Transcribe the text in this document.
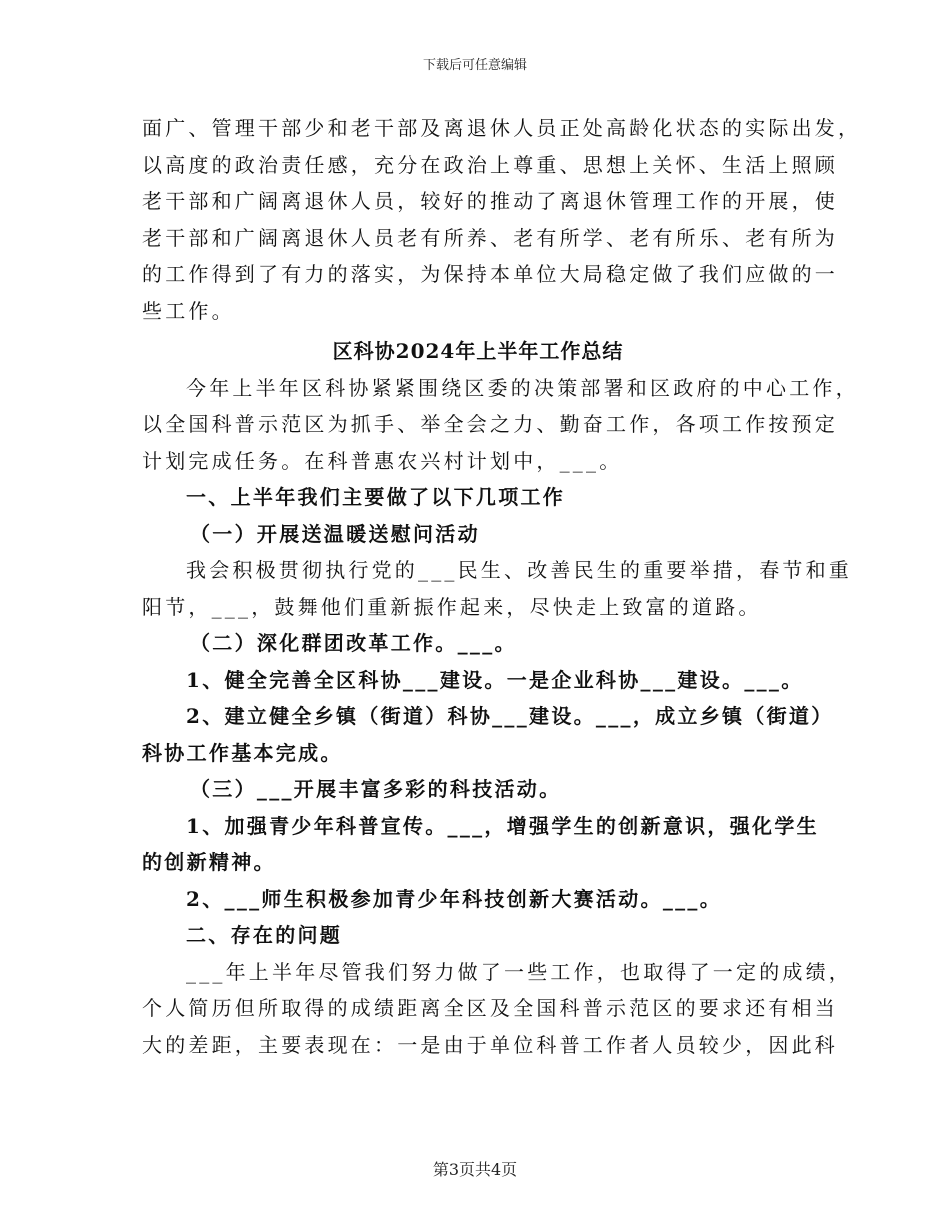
下载后可任意编辑
面广、管理干部少和老干部及离退休人员正处高龄化状态的实际出发，
以高度的政治责任感，充分在政治上尊重、思想上关怀、生活上照顾
老干部和广阔离退休人员，较好的推动了离退休管理工作的开展，使
老干部和广阔离退休人员老有所养、老有所学、老有所乐、老有所为
的工作得到了有力的落实，为保持本单位大局稳定做了我们应做的一
些工作。
区科协2024年上半年工作总结
今年上半年区科协紧紧围绕区委的决策部署和区政府的中心工作，
以全国科普示范区为抓手、举全会之力、勤奋工作，各项工作按预定
计划完成任务。在科普惠农兴村计划中，___。
一、上半年我们主要做了以下几项工作
（一）开展送温暖送慰问活动
我会积极贯彻执行党的___民生、改善民生的重要举措，春节和重
阳节，___，鼓舞他们重新振作起来，尽快走上致富的道路。
（二）深化群团改革工作。___。
1、健全完善全区科协___建设。一是企业科协___建设。___。
2、建立健全乡镇（街道）科协___建设。___，成立乡镇（街道）
科协工作基本完成。
（三）___开展丰富多彩的科技活动。
1、加强青少年科普宣传。___，增强学生的创新意识，强化学生
的创新精神。
2、___师生积极参加青少年科技创新大赛活动。___。
二、存在的问题
___年上半年尽管我们努力做了一些工作，也取得了一定的成绩，
个人简历但所取得的成绩距离全区及全国科普示范区的要求还有相当
大的差距，主要表现在：一是由于单位科普工作者人员较少，因此科
第3页共4页
